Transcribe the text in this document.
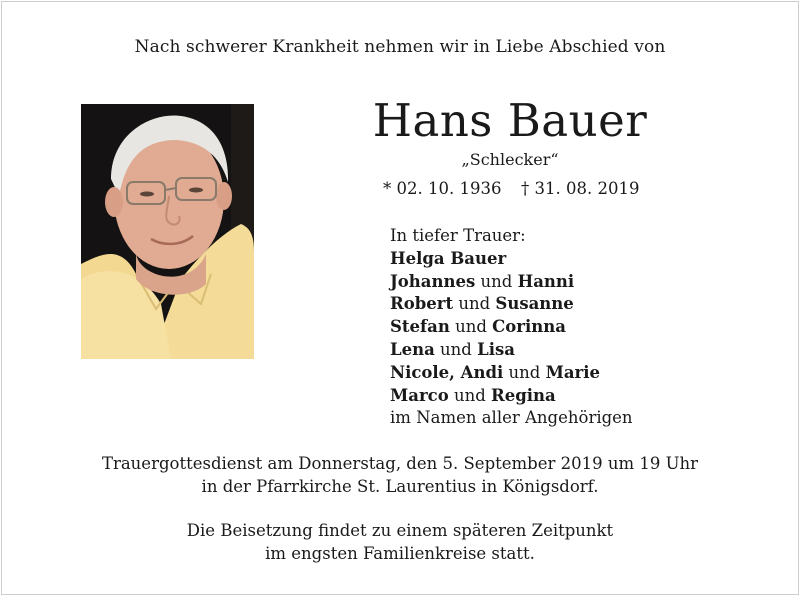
Nach schwerer Krankheit nehmen wir in Liebe Abschied von
Hans Bauer
„Schlecker“
* 02. 10. 1936 † 31. 08. 2019
In tiefer Trauer:
Helga Bauer
Johannes und Hanni
Robert und Susanne
Stefan und Corinna
Lena und Lisa
Nicole, Andi und Marie
Marco und Regina
im Namen aller Angehörigen
Trauergottesdienst am Donnerstag, den 5. September 2019 um 19 Uhr
in der Pfarrkirche St. Laurentius in Königsdorf.
Die Beisetzung findet zu einem späteren Zeitpunkt
im engsten Familienkreise statt.
